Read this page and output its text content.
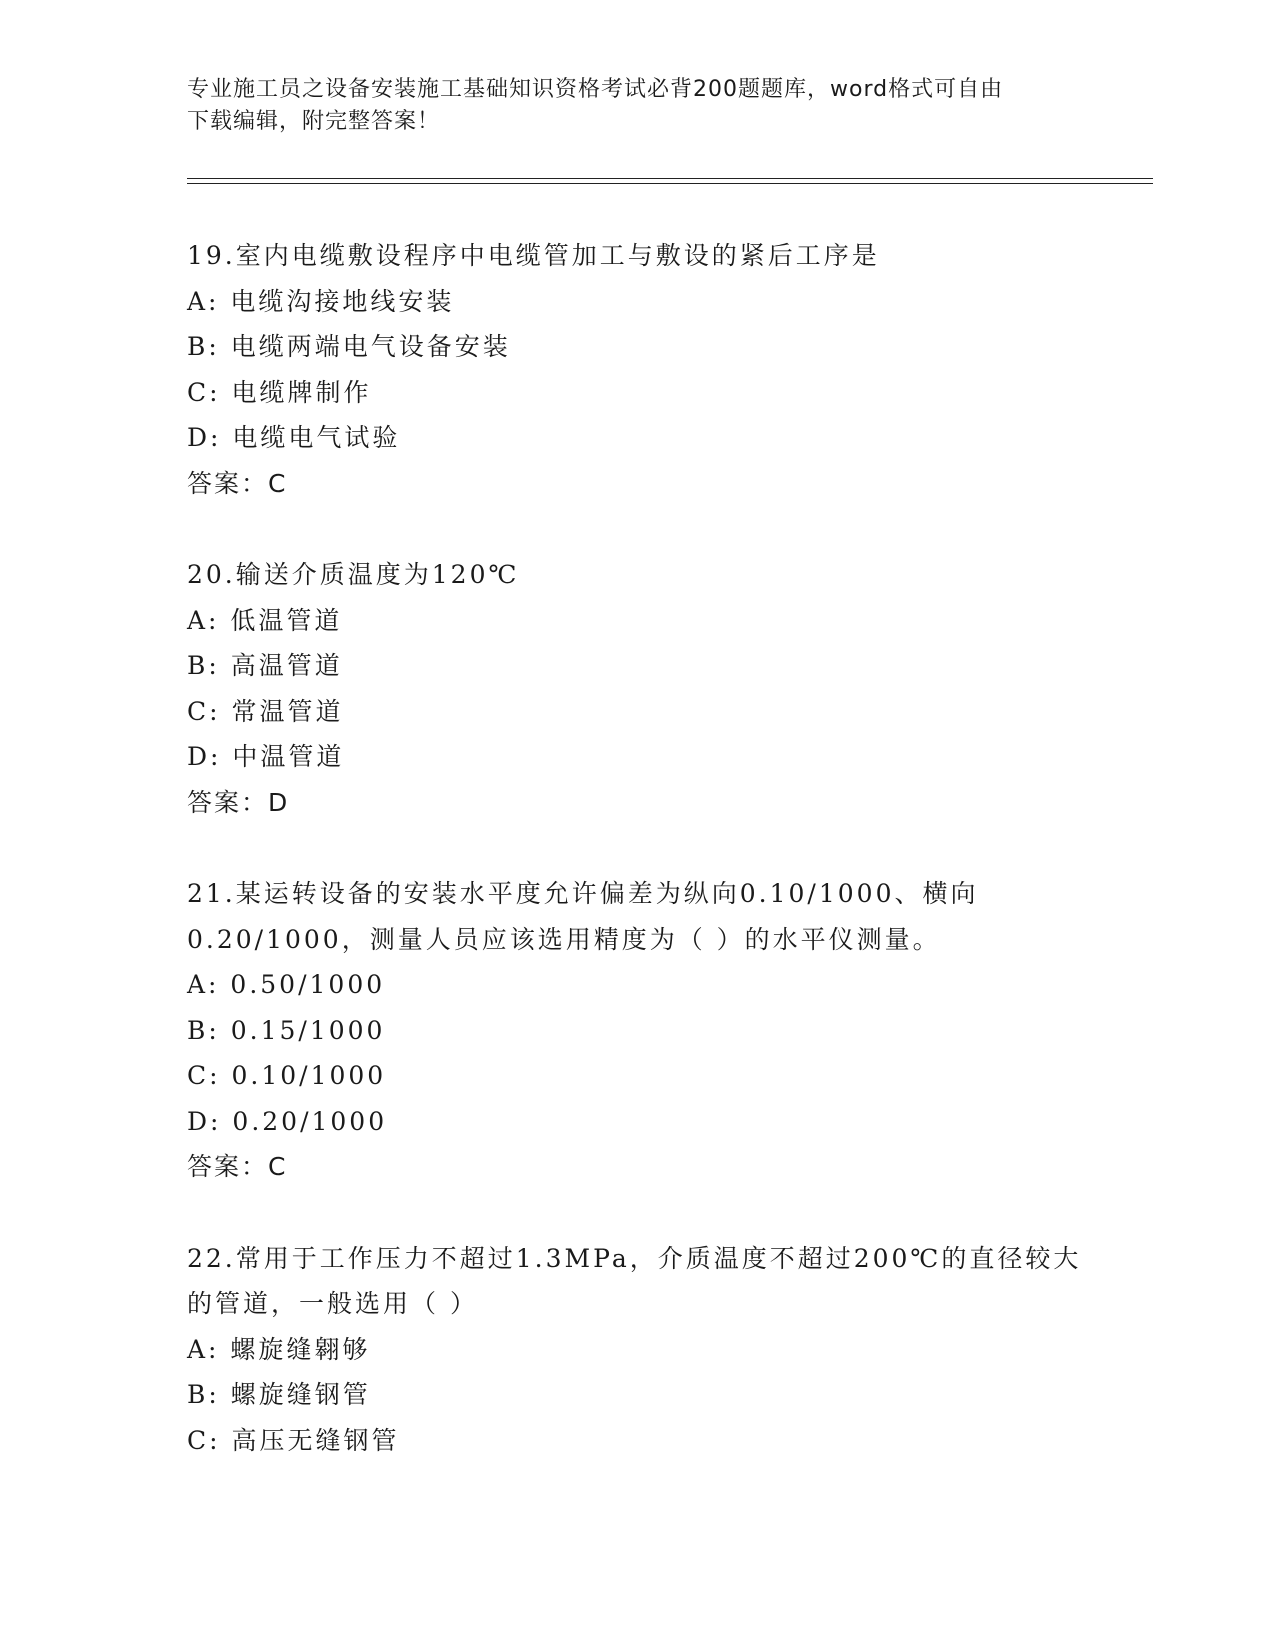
专业施工员之设备安装施工基础知识资格考试必背200题题库，word格式可自由
下载编辑，附完整答案！
19.室内电缆敷设程序中电缆管加工与敷设的紧后工序是
A: 电缆沟接地线安装
B: 电缆两端电气设备安装
C: 电缆牌制作
D: 电缆电气试验
答案：C
20.输送介质温度为120℃
A: 低温管道
B: 高温管道
C: 常温管道
D: 中温管道
答案：D
21.某运转设备的安装水平度允许偏差为纵向0.10/1000、横向
0.20/1000，测量人员应该选用精度为（ ）的水平仪测量。
A: 0.50/1000
B: 0.15/1000
C: 0.10/1000
D: 0.20/1000
答案：C
22.常用于工作压力不超过1.3MPa，介质温度不超过200℃的直径较大
的管道，一般选用（ ）
A: 螺旋缝翱够
B: 螺旋缝钢管
C: 高压无缝钢管
